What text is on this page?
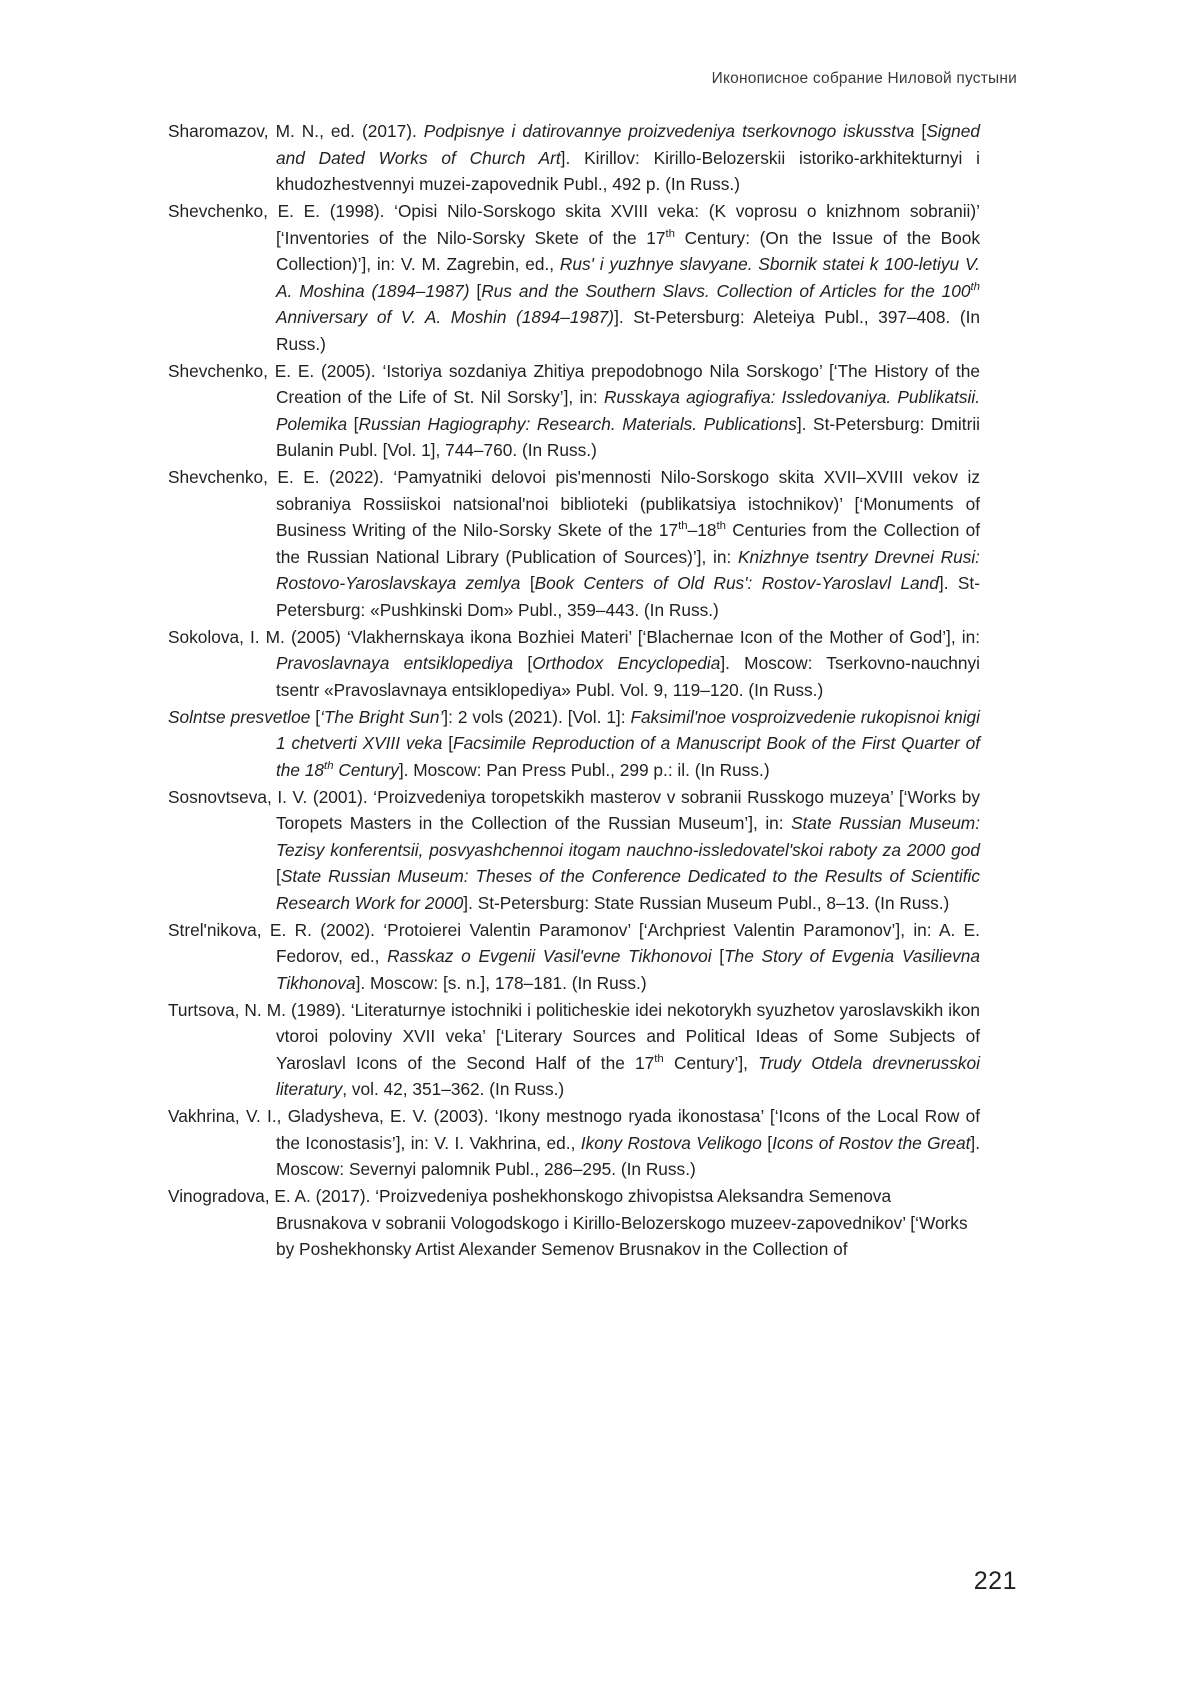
Иконописное собрание Ниловой пустыни

Sharomazov, M. N., ed. (2017). Podpisnye i datirovannye proizvedeniya tserkovnogo iskusstva [Signed and Dated Works of Church Art]. Kirillov: Kirillo-Belozerskii istoriko-arkhitekturnyi i khudozhestvennyi muzei-zapovednik Publ., 492 p. (In Russ.)

Shevchenko, E. E. (1998). ‘Opisi Nilo-Sorskogo skita XVIII veka: (K voprosu o knizhnom sobranii)’ [‘Inventories of the Nilo-Sorsky Skete of the 17th Century: (On the Issue of the Book Collection)’], in: V. M. Zagrebin, ed., Rus' i yuzhnye slavyane. Sbornik statei k 100-letiyu V. A. Moshina (1894–1987) [Rus and the Southern Slavs. Collection of Articles for the 100th Anniversary of V. A. Moshin (1894–1987)]. St-Petersburg: Aleteiya Publ., 397–408. (In Russ.)

Shevchenko, E. E. (2005). ‘Istoriya sozdaniya Zhitiya prepodobnogo Nila Sorskogo’ [‘The History of the Creation of the Life of St. Nil Sorsky’], in: Russkaya agiografiya: Issledovaniya. Publikatsii. Polemika [Russian Hagiography: Research. Materials. Publications]. St-Petersburg: Dmitrii Bulanin Publ. [Vol. 1], 744–760. (In Russ.)

Shevchenko, E. E. (2022). ‘Pamyatniki delovoi pis'mennosti Nilo-Sorskogo skita XVII–XVIII vekov iz sobraniya Rossiiskoi natsional'noi biblioteki (publikatsiya istochnikov)’ [‘Monuments of Business Writing of the Nilo-Sorsky Skete of the 17th–18th Centuries from the Collection of the Russian National Library (Publication of Sources)’], in: Knizhnye tsentry Drevnei Rusi: Rostovo-Yaroslavskaya zemlya [Book Centers of Old Rus': Rostov-Yaroslavl Land]. St-Petersburg: «Pushkinski Dom» Publ., 359–443. (In Russ.)

Sokolova, I. M. (2005) ‘Vlakhernskaya ikona Bozhiei Materi’ [‘Blachernae Icon of the Mother of God’], in: Pravoslavnaya entsiklopediya [Orthodox Encyclopedia]. Moscow: Tserkovno-nauchnyi tsentr «Pravoslavnaya entsiklopediya» Publ. Vol. 9, 119–120. (In Russ.)

Solntse presvetloe [‘The Bright Sun’]: 2 vols (2021). [Vol. 1]: Faksimil'noe vosproizvedenie rukopisnoi knigi 1 chetverti XVIII veka [Facsimile Reproduction of a Manuscript Book of the First Quarter of the 18th Century]. Moscow: Pan Press Publ., 299 p.: il. (In Russ.)

Sosnovtseva, I. V. (2001). ‘Proizvedeniya toropetskikh masterov v sobranii Russkogo muzeya’ [‘Works by Toropets Masters in the Collection of the Russian Museum’], in: State Russian Museum: Tezisy konferentsii, posvyashchennoi itogam nauchno-issledovatel'skoi raboty za 2000 god [State Russian Museum: Theses of the Conference Dedicated to the Results of Scientific Research Work for 2000]. St-Petersburg: State Russian Museum Publ., 8–13. (In Russ.)

Strel'nikova, E. R. (2002). ‘Protoierei Valentin Paramonov’ [‘Archpriest Valentin Paramonov’], in: A. E. Fedorov, ed., Rasskaz o Evgenii Vasil'evne Tikhonovoi [The Story of Evgenia Vasilievna Tikhonova]. Moscow: [s. n.], 178–181. (In Russ.)

Turtsova, N. M. (1989). ‘Literaturnye istochniki i politicheskie idei nekotorykh syuzhetov yaroslavskikh ikon vtoroi poloviny XVII veka’ [‘Literary Sources and Political Ideas of Some Subjects of Yaroslavl Icons of the Second Half of the 17th Century’], Trudy Otdela drevnerusskoi literatury, vol. 42, 351–362. (In Russ.)

Vakhrina, V. I., Gladysheva, E. V. (2003). ‘Ikony mestnogo ryada ikonostasa’ [‘Icons of the Local Row of the Iconostasis’], in: V. I. Vakhrina, ed., Ikony Rostova Velikogo [Icons of Rostov the Great]. Moscow: Severnyi palomnik Publ., 286–295. (In Russ.)

Vinogradova, E. A. (2017). ‘Proizvedeniya poshekhonskogo zhivopistsa Aleksandra Semenova Brusnakova v sobranii Vologodskogo i Kirillo-Belozerskogo muzeev-zapovednikov’ [‘Works by Poshekhonsky Artist Alexander Semenov Brusnakov in the Collection of

221
